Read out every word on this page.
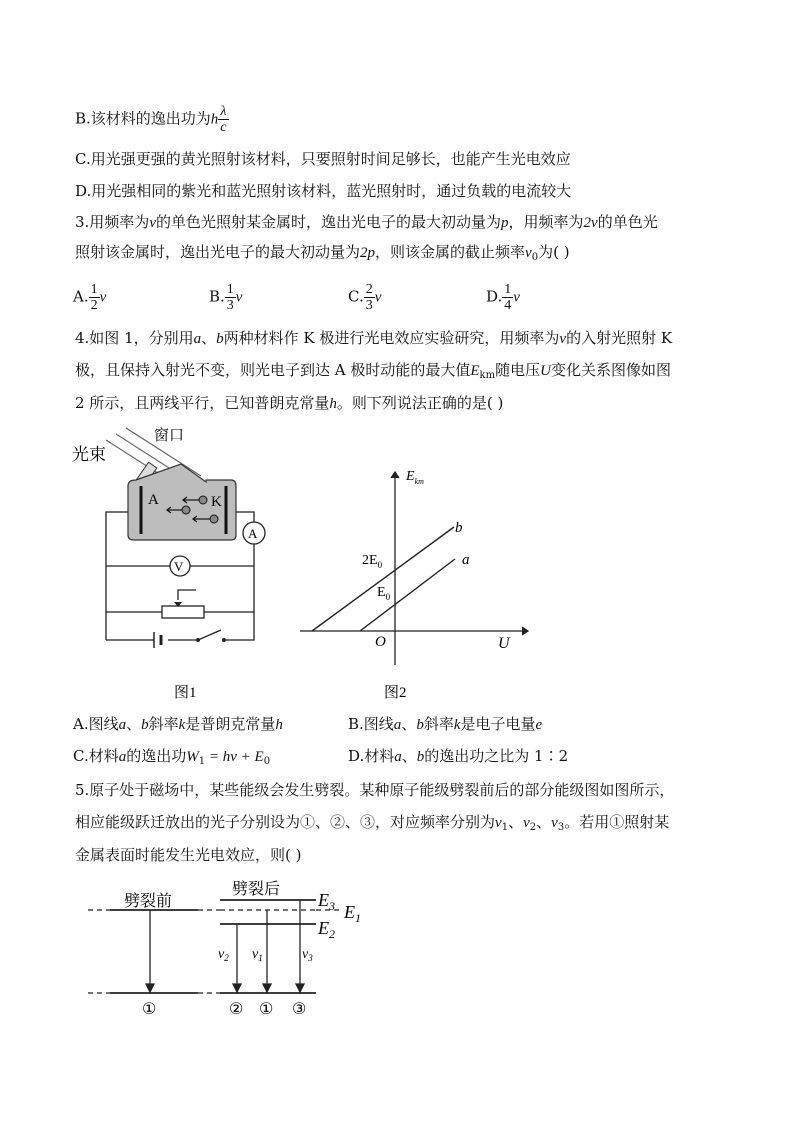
B.该材料的逸出功为h $\frac{\lambda}{c}$
C.用光强更强的黄光照射该材料，只要照射时间足够长，也能产生光电效应
D.用光强相同的紫光和蓝光照射该材料，蓝光照射时，通过负载的电流较大
3.用频率为ν的单色光照射某金属时，逸出光电子的最大初动量为p，用频率为2ν的单色光
照射该金属时，逸出光电子的最大初动量为2p，则该金属的截止频率$\nu_0$为( )
A. $\frac{1}{2}$ ν	B. $\frac{1}{3}$ ν	C. $\frac{2}{3}$ ν	D. $\frac{1}{4}$ ν
4.如图 1，分别用a、b两种材料作 K 极进行光电效应实验研究，用频率为ν的入射光照射 K
极，且保持入射光不变，则光电子到达 A 极时动能的最大值$E_{km}$随电压U变化关系图像如图
2 所示，且两线平行，已知普朗克常量h。则下列说法正确的是( )
光束
窗口
A	K
A
V
图1
$E_{km}$
U
O
$2E_0$
$E_0$
b
a
图2
A.图线a、b斜率k是普朗克常量h	B.图线a、b斜率k是电子电量e
C.材料a的逸出功$W_1 = h\nu + E_0$	D.材料a、b的逸出功之比为 1∶2
5.原子处于磁场中，某些能级会发生劈裂。某种原子能级劈裂前后的部分能级图如图所示，
相应能级跃迁放出的光子分别设为①、②、③，对应频率分别为$\nu_1$、$\nu_2$、$\nu_3$。若用①照射某
金属表面时能发生光电效应，则( )
劈裂前
劈裂后
$E_3$
$E_2$
$E_1$
$\nu_2$ $\nu_1$	$\nu_3$
①	② ① ③
